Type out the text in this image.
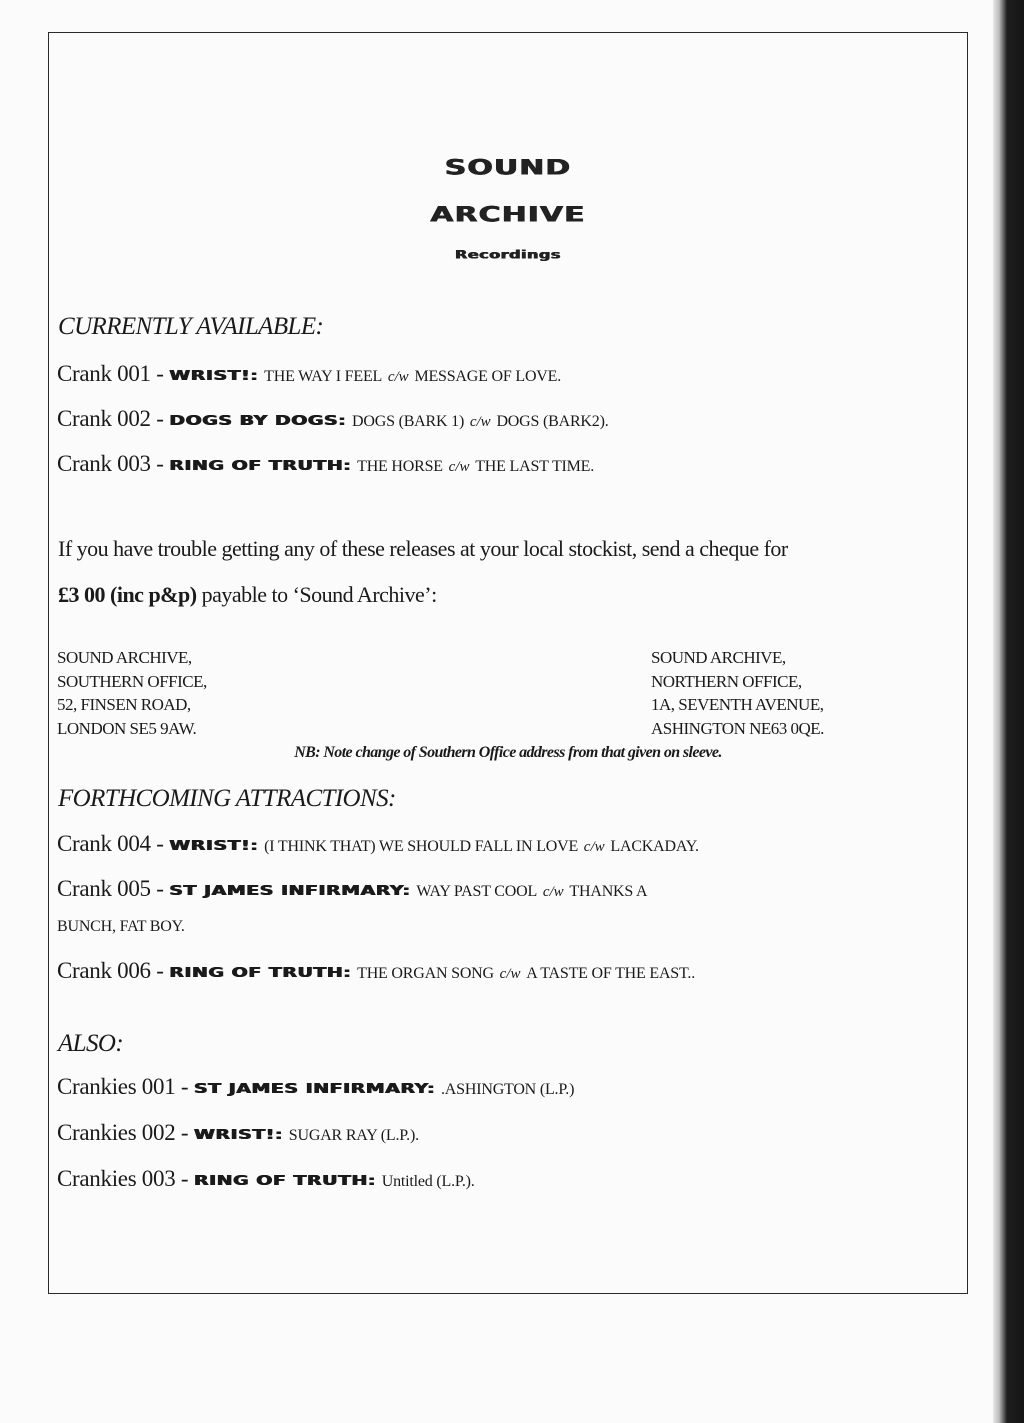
SOUND
ARCHIVE
Recordings
CURRENTLY AVAILABLE:
Crank 001 - WRIST!: THE WAY I FEEL c/w MESSAGE OF LOVE.
Crank 002 - DOGS BY DOGS: DOGS (BARK 1) c/w DOGS (BARK2).
Crank 003 - RING OF TRUTH: THE HORSE c/w THE LAST TIME.
If you have trouble getting any of these releases at your local stockist, send a cheque for
£3 00 (inc p&p) payable to ‘Sound Archive’:
SOUND ARCHIVE,
SOUTHERN OFFICE,
52, FINSEN ROAD,
LONDON SE5 9AW.
SOUND ARCHIVE,
NORTHERN OFFICE,
1A, SEVENTH AVENUE,
ASHINGTON NE63 0QE.
NB: Note change of Southern Office address from that given on sleeve.
FORTHCOMING ATTRACTIONS:
Crank 004 - WRIST!: (I THINK THAT) WE SHOULD FALL IN LOVE c/w LACKADAY.
Crank 005 - ST JAMES INFIRMARY: WAY PAST COOL c/w THANKS A
BUNCH, FAT BOY.
Crank 006 - RING OF TRUTH: THE ORGAN SONG c/w A TASTE OF THE EAST..
ALSO:
Crankies 001 - ST JAMES INFIRMARY: .ASHINGTON (L.P.)
Crankies 002 - WRIST!: SUGAR RAY (L.P.).
Crankies 003 - RING OF TRUTH: Untitled (L.P.).
